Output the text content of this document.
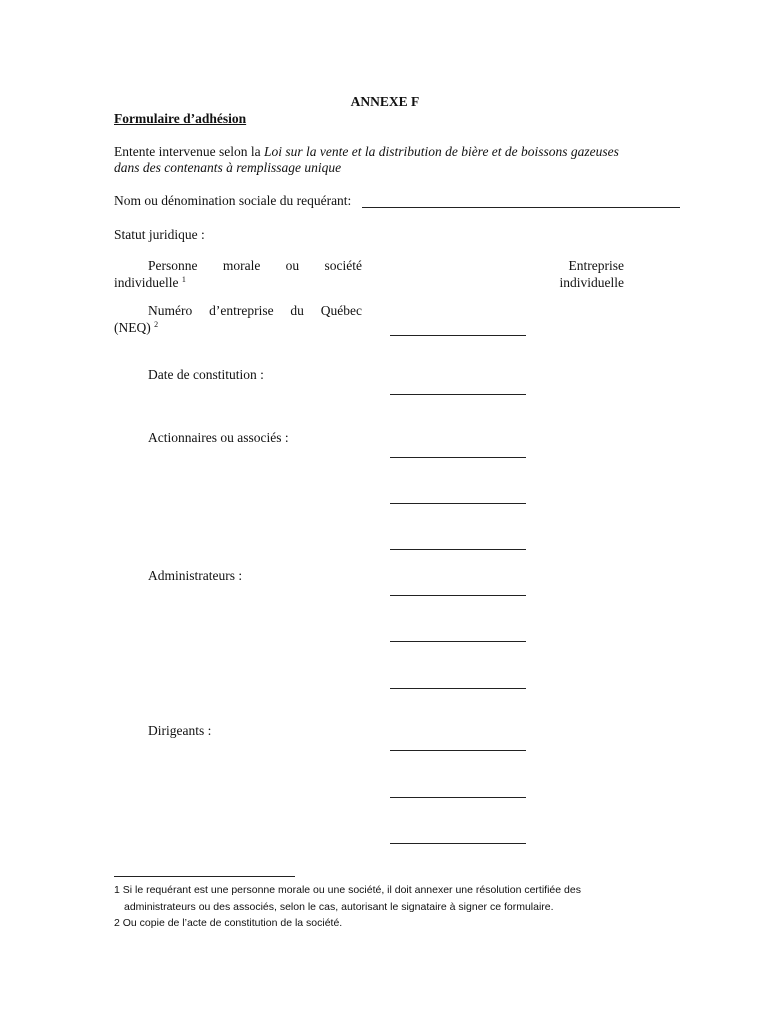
ANNEXE F
Formulaire d’adhésion
Entente intervenue selon la Loi sur la vente et la distribution de bière et de boissons gazeuses
dans des contenants à remplissage unique
Nom ou dénomination sociale du requérant:
Statut juridique :
Personne morale ou société
individuelle $^1$
Entreprise
individuelle
Numéro d’entreprise du Québec
(NEQ) $^2$
Date de constitution :
Actionnaires ou associés :
Administrateurs :
Dirigeants :
1 Si le requérant est une personne morale ou une société, il doit annexer une résolution certifiée des
administrateurs ou des associés, selon le cas, autorisant le signataire à signer ce formulaire.
2 Ou copie de l’acte de constitution de la société.
